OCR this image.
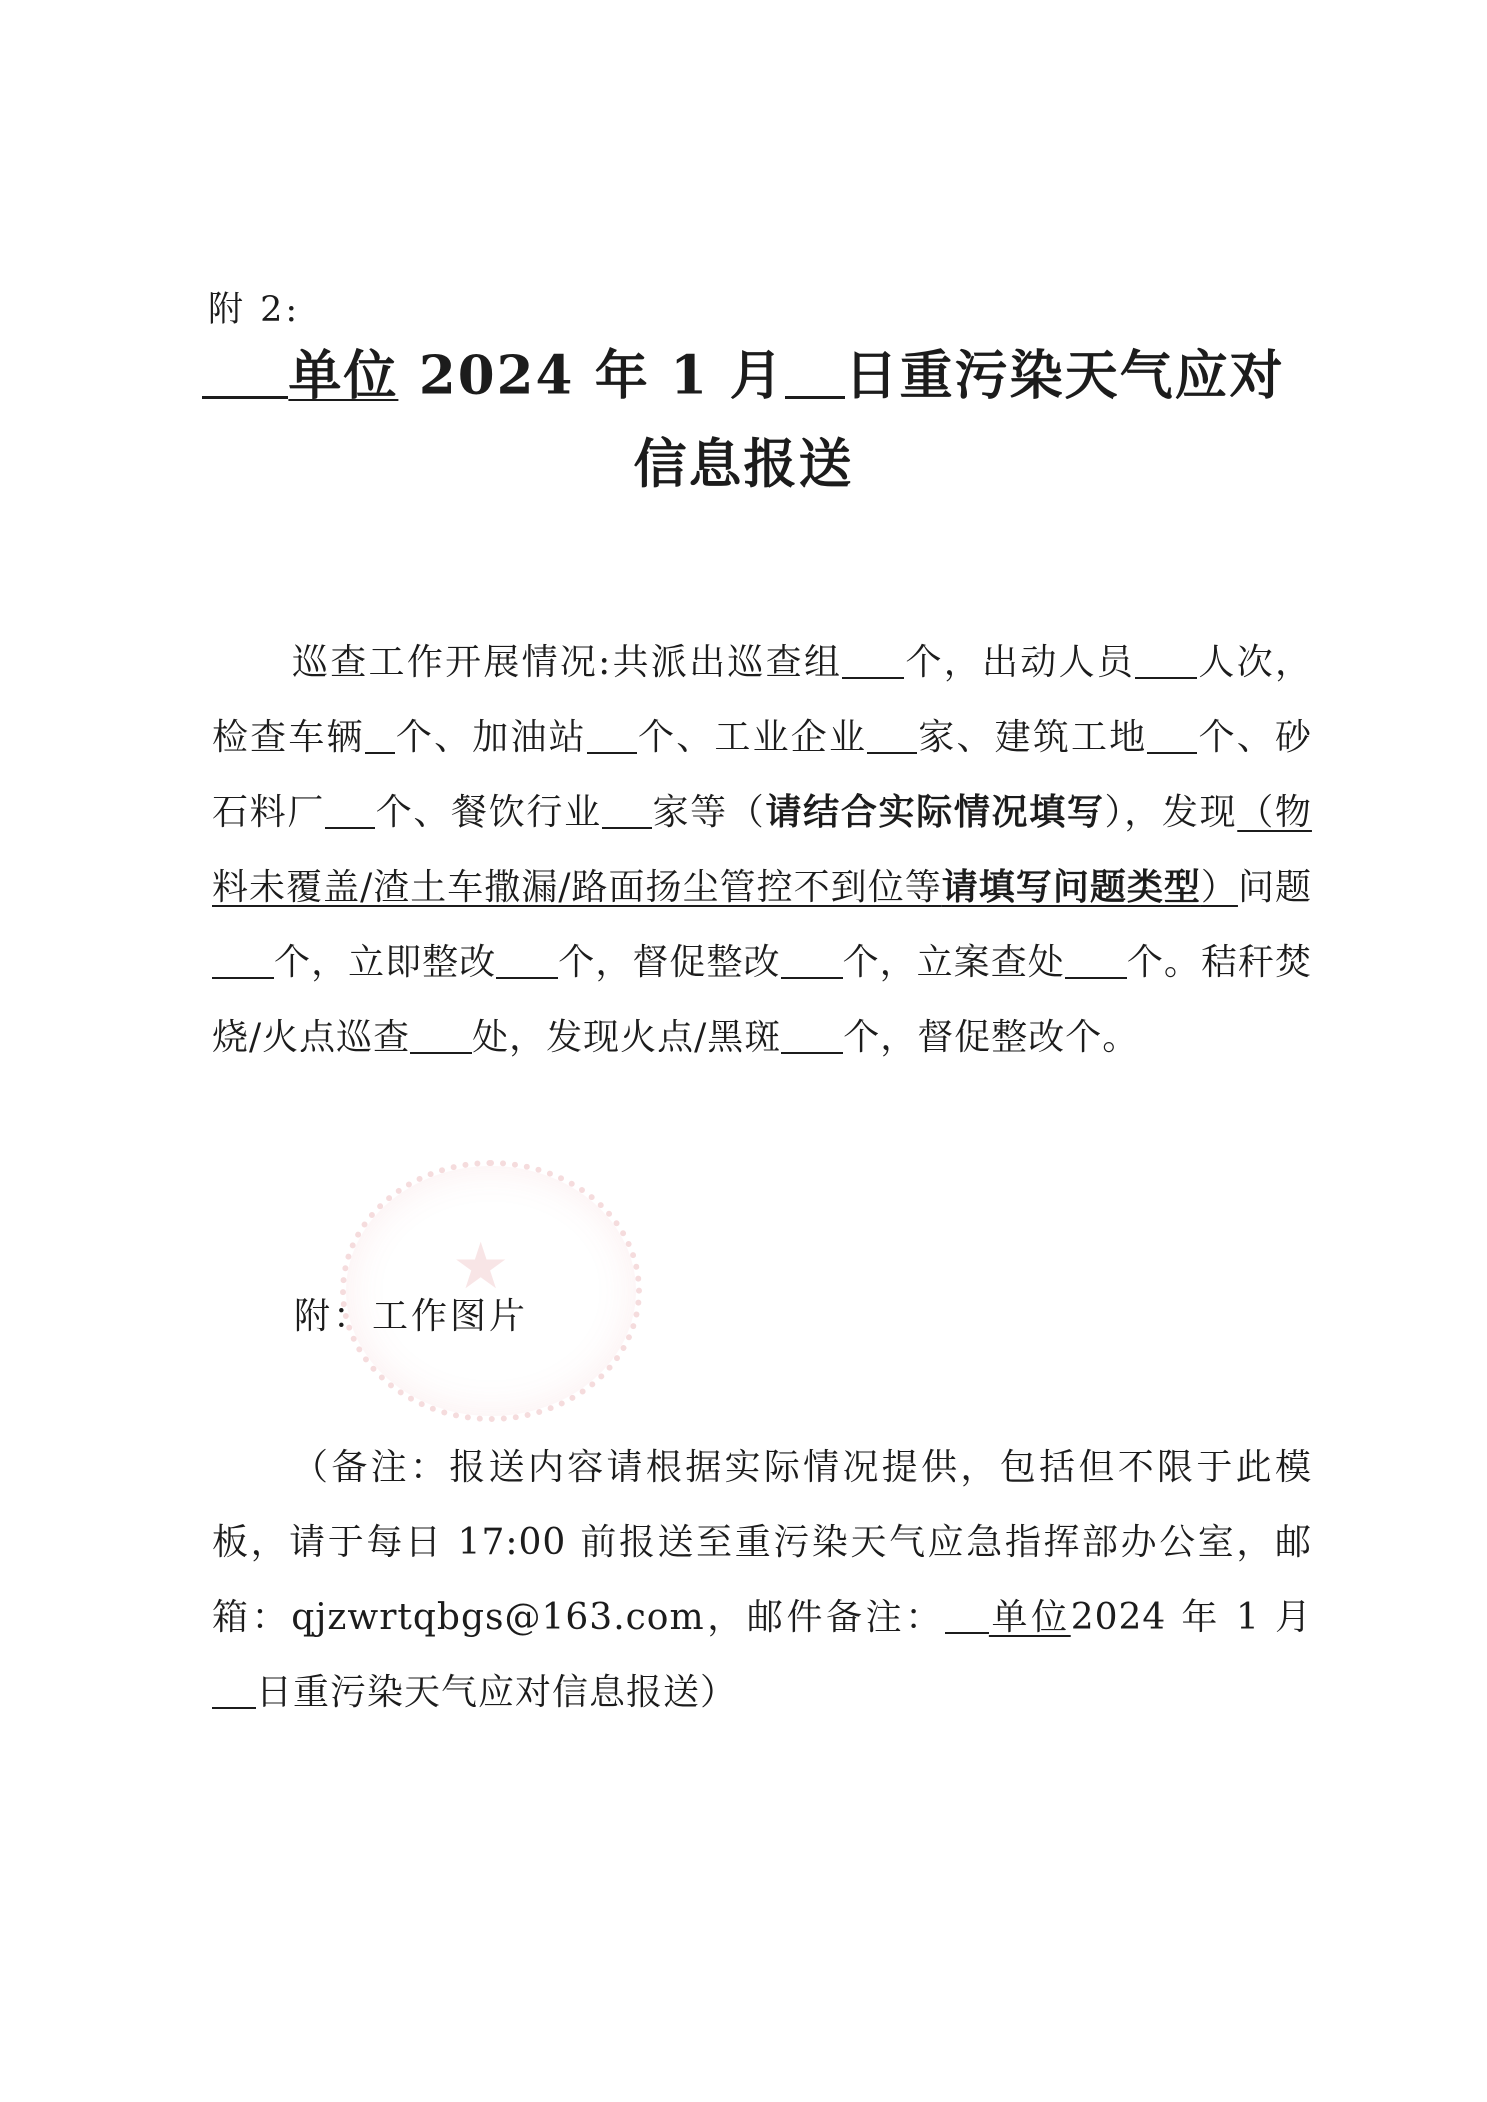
附 2:
单位 2024 年 1 月 日重污染天气应对
信息报送

巡查工作开展情况:共派出巡查组 个，出动人员 人次，检查车辆 个、加油站 个、工业企业 家、建筑工地 个、砂石料厂 个、餐饮行业 家等（请结合实际情况填写），发现（物料未覆盖/渣土车撒漏/路面扬尘管控不到位等请填写问题类型）问题个，立即整改 个，督促整改 个，立案查处 个。秸秆焚烧/火点巡查 处，发现火点/黑斑 个，督促整改个。

★
附：工作图片

（备注：报送内容请根据实际情况提供，包括但不限于此模板，请于每日 17:00 前报送至重污染天气应急指挥部办公室，邮箱：qjzwrtqbgs@163.com，邮件备注： 单位2024 年 1 月日重污染天气应对信息报送）
